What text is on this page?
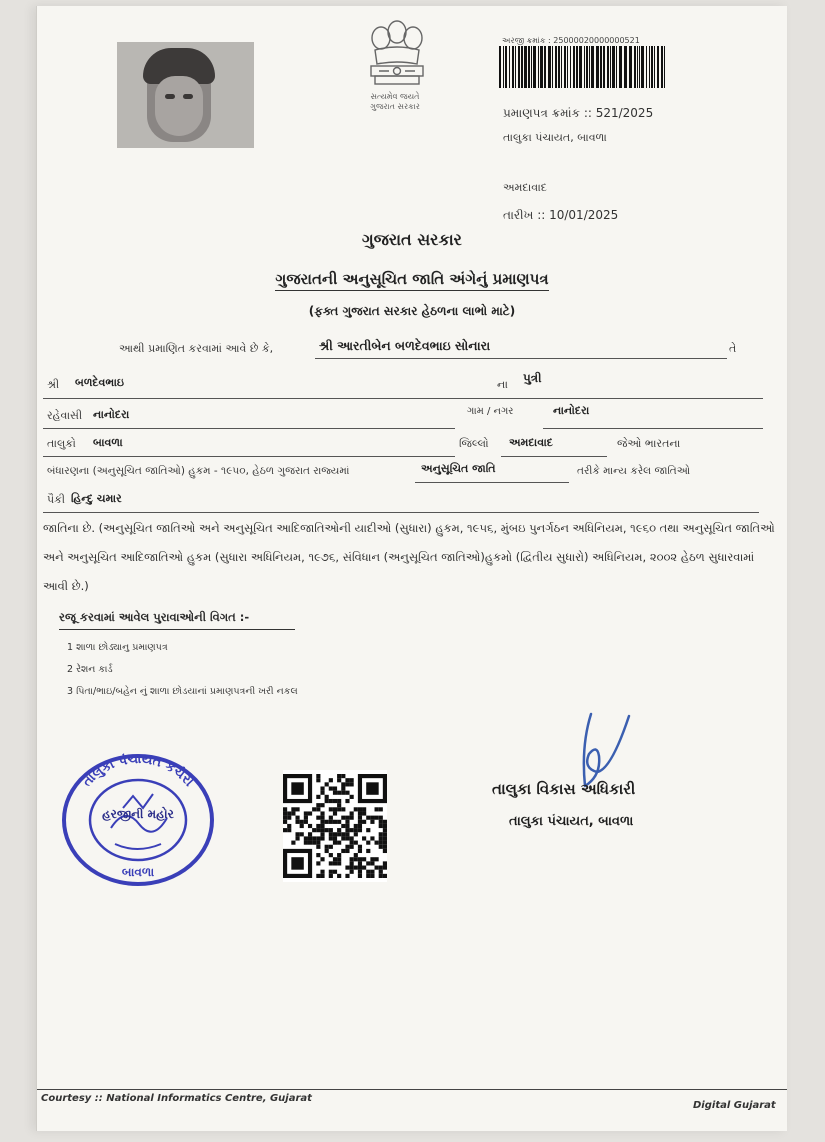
સત્યમેવ જયતે
ગુજરાત સરકાર
અરજી ક્રમાંક : 25000020000000521
પ્રમાણપત્ર ક્રમાંક :: 521/2025
તાલુકા પંચાયત, બાવળા
અમદાવાદ
તારીખ :: 10/01/2025
ગુજરાત સરકાર
ગુજરાતની અનુસૂચિત જાતિ અંગેનું પ્રમાણપત્ર
(ફક્ત ગુજરાત સરકાર હેઠળના લાભો માટે)
આથી પ્રમાણિત કરવામાં આવે છે કે,	શ્રી આરતીબેન બળદેવભાઇ સોનારા	તે
શ્રી બળદેવભાઇ	ના પુત્રી
રહેવાસી નાનોદરા	ગામ / નગર	નાનોદરા
તાલુકો બાવળા	જિલ્લો અમદાવાદ	જેઓ ભારતના
બંધારણના (અનુસૂચિત જાતિઓ) હુકમ - ૧૯૫૦, હેઠળ ગુજરાત રાજ્યમાં	અનુસૂચિત જાતિ	તરીકે માન્ય કરેલ જાતિઓ
પૈકી હિન્દુ ચમાર
જાતિના છે. (અનુસૂચિત જાતિઓ અને અનુસૂચિત આદિજાતિઓની યાદીઓ (સુધારા) હુકમ, ૧૯૫૬, મુંબઇ પુનર્ગઠન અધિનિયમ, ૧૯૬૦ તથા અનુસૂચિત જાતિઓ અને અનુસૂચિત આદિજાતિઓ હુકમ (સુધારા અધિનિયમ, ૧૯૭૬, સંવિધાન (અનુસૂચિત જાતિઓ)હુકમો (દ્વિતીય સુધારો) અધિનિયમ, ૨૦૦૨ હેઠળ સુધારવામાં આવી છે.)
રજૂ કરવામાં આવેલ પુરાવાઓની વિગત :-
1 શાળા છોડ્યાનુ પ્રમાણપત્ર
2 રેશન કાર્ડ
3 પિતા/ભાઇ/બહેન નું શાળા છોડયાનાં પ્રમાણપત્રની ખરી નકલ
તાલુકા પંચાયત કચેરી
હરજીની મહોર
બાવળા
તાલુકા વિકાસ અધિકારી
તાલુકા પંચાયત, બાવળા
Courtesy :: National Informatics Centre, Gujarat
Digital Gujarat
